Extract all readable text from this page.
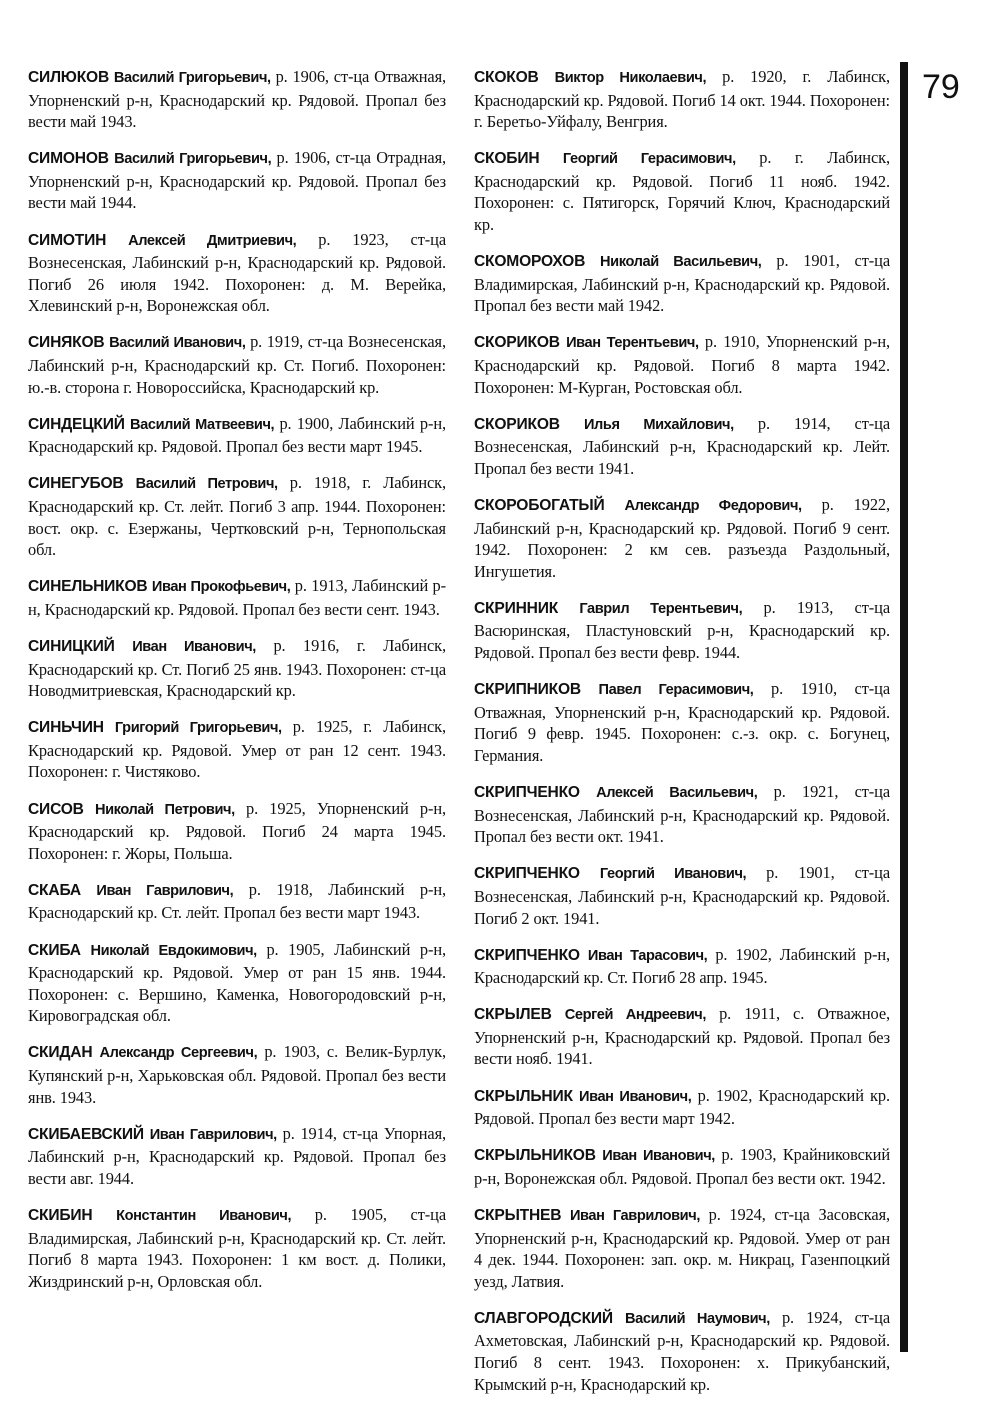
СИЛЮКОВ Василий Григорьевич, р. 1906, ст-ца Отважная, Упорненский р-н, Краснодарский кр. Рядовой. Пропал без вести май 1943.

СИМОНОВ Василий Григорьевич, р. 1906, ст-ца Отрадная, Упорненский р-н, Краснодарский кр. Рядовой. Пропал без вести май 1944.

СИМОТИН Алексей Дмитриевич, р. 1923, ст-ца Вознесенская, Лабинский р-н, Краснодарский кр. Рядовой. Погиб 26 июля 1942. Похоронен: д. М. Верейка, Хлевинский р-н, Воронежская обл.

СИНЯКОВ Василий Иванович, р. 1919, ст-ца Вознесенская, Лабинский р-н, Краснодарский кр. Ст. Погиб. Похоронен: ю.-в. сторона г. Новороссийска, Краснодарский кр.

СИНДЕЦКИЙ Василий Матвеевич, р. 1900, Лабинский р-н, Краснодарский кр. Рядовой. Пропал без вести март 1945.

СИНЕГУБОВ Василий Петрович, р. 1918, г. Лабинск, Краснодарский кр. Ст. лейт. Погиб 3 апр. 1944. Похоронен: вост. окр. с. Езержаны, Чертковский р-н, Тернопольская обл.

СИНЕЛЬНИКОВ Иван Прокофьевич, р. 1913, Лабинский р-н, Краснодарский кр. Рядовой. Пропал без вести сент. 1943.

СИНИЦКИЙ Иван Иванович, р. 1916, г. Лабинск, Краснодарский кр. Ст. Погиб 25 янв. 1943. Похоронен: ст-ца Новодмитриевская, Краснодарский кр.

СИНЬЧИН Григорий Григорьевич, р. 1925, г. Лабинск, Краснодарский кр. Рядовой. Умер от ран 12 сент. 1943. Похоронен: г. Чистяково.

СИСОВ Николай Петрович, р. 1925, Упорненский р-н, Краснодарский кр. Рядовой. Погиб 24 марта 1945. Похоронен: г. Жоры, Польша.

СКАБА Иван Гаврилович, р. 1918, Лабинский р-н, Краснодарский кр. Ст. лейт. Пропал без вести март 1943.

СКИБА Николай Евдокимович, р. 1905, Лабинский р-н, Краснодарский кр. Рядовой. Умер от ран 15 янв. 1944. Похоронен: с. Вершино, Каменка, Новогородовский р-н, Кировоградская обл.

СКИДАН Александр Сергеевич, р. 1903, с. Велик-Бурлук, Купянский р-н, Харьковская обл. Рядовой. Пропал без вести янв. 1943.

СКИБАЕВСКИЙ Иван Гаврилович, р. 1914, ст-ца Упорная, Лабинский р-н, Краснодарский кр. Рядовой. Пропал без вести авг. 1944.

СКИБИН Константин Иванович, р. 1905, ст-ца Владимирская, Лабинский р-н, Краснодарский кр. Ст. лейт. Погиб 8 марта 1943. Похоронен: 1 км вост. д. Полики, Жиздринский р-н, Орловская обл.

СКОКОВ Виктор Николаевич, р. 1920, г. Лабинск, Краснодарский кр. Рядовой. Погиб 14 окт. 1944. Похоронен: г. Беретьо-Уйфалу, Венгрия.

СКОБИН Георгий Герасимович, р. г. Лабинск, Краснодарский кр. Рядовой. Погиб 11 нояб. 1942. Похоронен: с. Пятигорск, Горячий Ключ, Краснодарский кр.

СКОМОРОХОВ Николай Васильевич, р. 1901, ст-ца Владимирская, Лабинский р-н, Краснодарский кр. Рядовой. Пропал без вести май 1942.

СКОРИКОВ Иван Терентьевич, р. 1910, Упорненский р-н, Краснодарский кр. Рядовой. Погиб 8 марта 1942. Похоронен: М-Курган, Ростовская обл.

СКОРИКОВ Илья Михайлович, р. 1914, ст-ца Вознесенская, Лабинский р-н, Краснодарский кр. Лейт. Пропал без вести 1941.

СКОРОБОГАТЫЙ Александр Федорович, р. 1922, Лабинский р-н, Краснодарский кр. Рядовой. Погиб 9 сент. 1942. Похоронен: 2 км сев. разъезда Раздольный, Ингушетия.

СКРИННИК Гаврил Терентьевич, р. 1913, ст-ца Васюринская, Пластуновский р-н, Краснодарский кр. Рядовой. Пропал без вести февр. 1944.

СКРИПНИКОВ Павел Герасимович, р. 1910, ст-ца Отважная, Упорненский р-н, Краснодарский кр. Рядовой. Погиб 9 февр. 1945. Похоронен: с.-з. окр. с. Богунец, Германия.

СКРИПЧЕНКО Алексей Васильевич, р. 1921, ст-ца Вознесенская, Лабинский р-н, Краснодарский кр. Рядовой. Пропал без вести окт. 1941.

СКРИПЧЕНКО Георгий Иванович, р. 1901, ст-ца Вознесенская, Лабинский р-н, Краснодарский кр. Рядовой. Погиб 2 окт. 1941.

СКРИПЧЕНКО Иван Тарасович, р. 1902, Лабинский р-н, Краснодарский кр. Ст. Погиб 28 апр. 1945.

СКРЫЛЕВ Сергей Андреевич, р. 1911, с. Отважное, Упорненский р-н, Краснодарский кр. Рядовой. Пропал без вести нояб. 1941.

СКРЫЛЬНИК Иван Иванович, р. 1902, Краснодарский кр. Рядовой. Пропал без вести март 1942.

СКРЫЛЬНИКОВ Иван Иванович, р. 1903, Крайниковский р-н, Воронежская обл. Рядовой. Пропал без вести окт. 1942.

СКРЫТНЕВ Иван Гаврилович, р. 1924, ст-ца Засовская, Упорненский р-н, Краснодарский кр. Рядовой. Умер от ран 4 дек. 1944. Похоронен: зап. окр. м. Никрац, Газенпоцкий уезд, Латвия.

СЛАВГОРОДСКИЙ Василий Наумович, р. 1924, ст-ца Ахметовская, Лабинский р-н, Краснодарский кр. Рядовой. Погиб 8 сент. 1943. Похоронен: х. Прикубанский, Крымский р-н, Краснодарский кр.

79
